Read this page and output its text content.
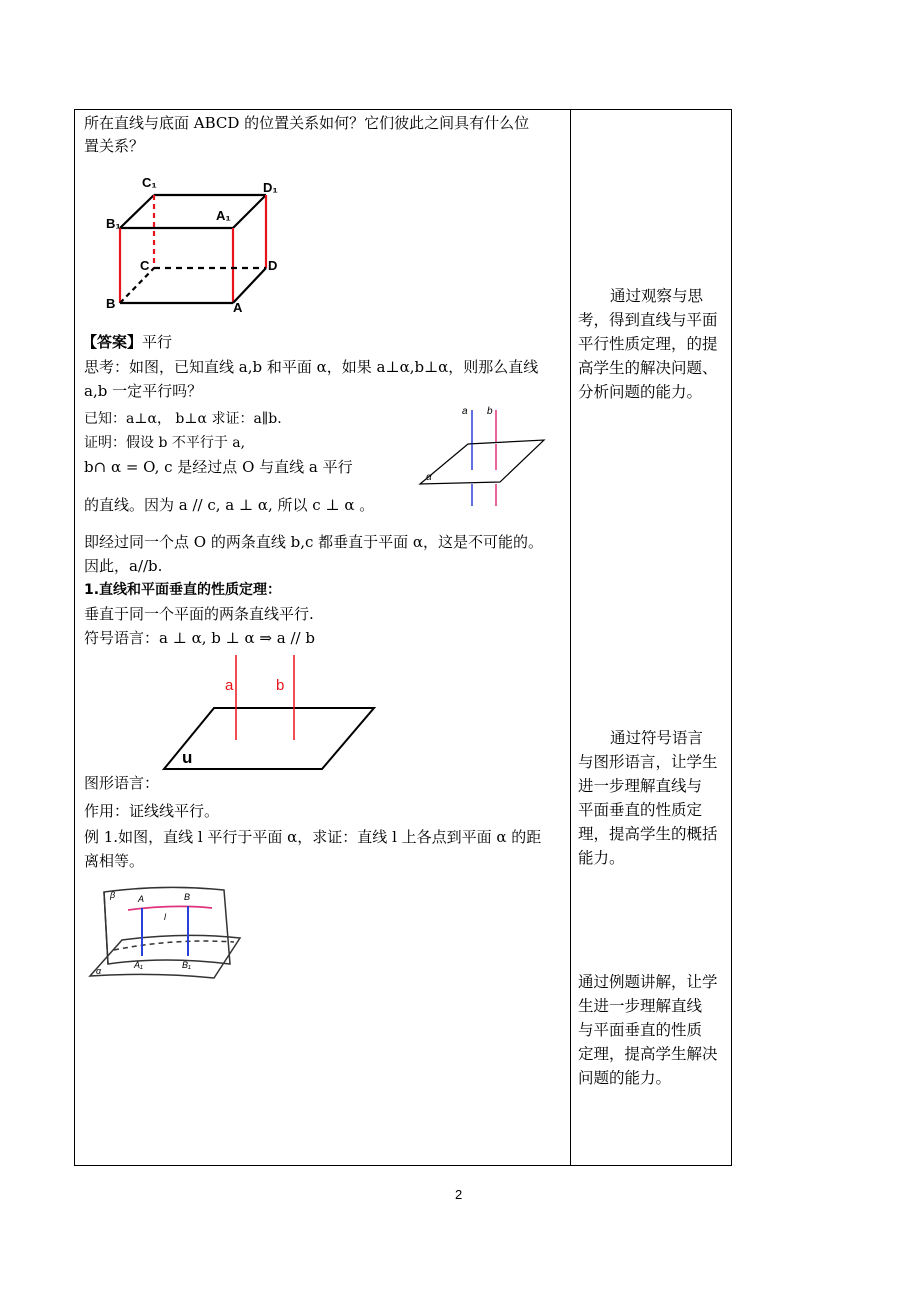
所在直线与底面 ABCD 的位置关系如何？它们彼此之间具有什么位
置关系？
C₁	D₁
B₁
A₁
C	D
B	A
【答案】平行
思考：如图，已知直线 a,b 和平面 α，如果 a⊥α,b⊥α，则那么直线
a,b 一定平行吗？
已知：a⊥α， b⊥α 求证：a∥b.
证明：假设 b 不平行于 a,
b∩ α = O, c 是经过点 O 与直线 a 平行
的直线。因为 a // c, a ⊥ α, 所以 c ⊥ α 。
a b
α
即经过同一个点 O 的两条直线 b,c 都垂直于平面 α，这是不可能的。
因此，a//b.
1.直线和平面垂直的性质定理：
垂直于同一个平面的两条直线平行.
符号语言：a ⊥ α, b ⊥ α ⇒ a // b
a	b
u
图形语言：
作用：证线线平行。
例 1.如图，直线 l 平行于平面 α，求证：直线 l 上各点到平面 α 的距
离相等。
β	A	B
l
A₁	B₁
α
通过观察与思
考，得到直线与平面
平行性质定理，的提
高学生的解决问题、
分析问题的能力。
通过符号语言
与图形语言，让学生
进一步理解直线与
平面垂直的性质定
理，提高学生的概括
能力。
通过例题讲解，让学
生进一步理解直线
与平面垂直的性质
定理，提高学生解决
问题的能力。
2
